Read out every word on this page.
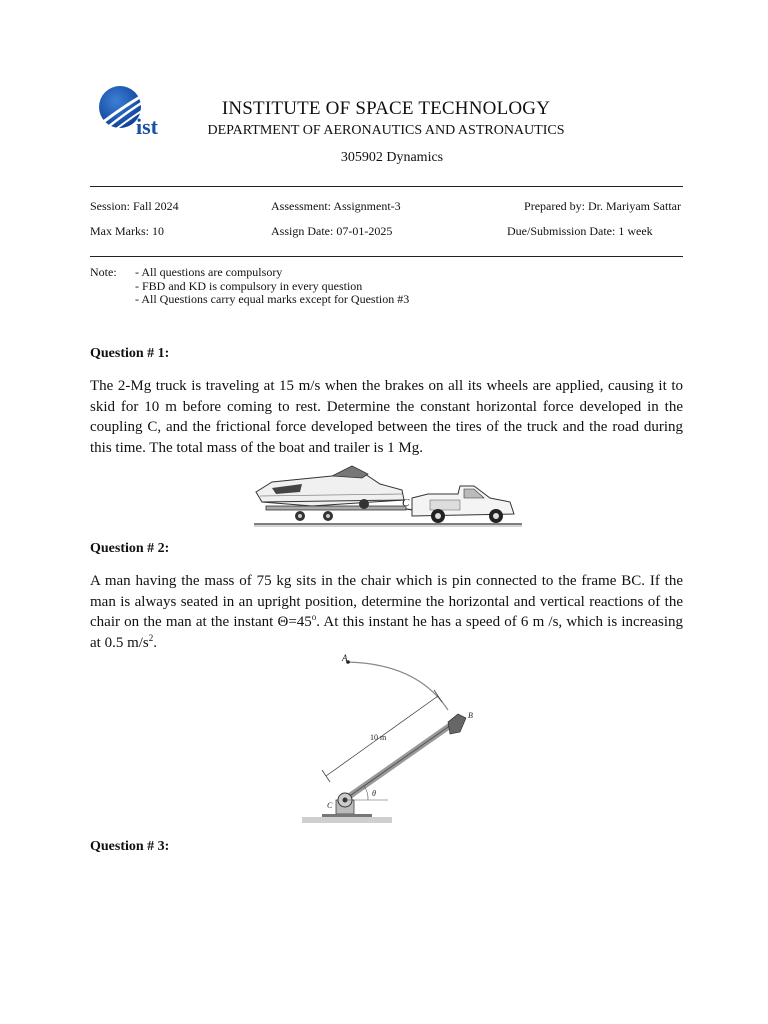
ist
INSTITUTE OF SPACE TECHNOLOGY
DEPARTMENT OF AERONAUTICS AND ASTRONAUTICS
305902 Dynamics
Session: Fall 2024	Assessment: Assignment-3	Prepared by: Dr. Mariyam Sattar
Max Marks: 10	Assign Date: 07-01-2025	Due/Submission Date: 1 week
Note: - All questions are compulsory
- FBD and KD is compulsory in every question
- All Questions carry equal marks except for Question #3
Question # 1:
The 2-Mg truck is traveling at 15 m/s when the brakes on all its wheels are applied, causing it to skid for 10 m before coming to rest. Determine the constant horizontal force developed in the coupling C, and the frictional force developed between the tires of the truck and the road during this time. The total mass of the boat and trailer is 1 Mg.
C
Question # 2:
A man having the mass of 75 kg sits in the chair which is pin connected to the frame BC. If the man is always seated in an upright position, determine the horizontal and vertical reactions of the chair on the man at the instant $\Theta=45^o$. At this instant he has a speed of 6 m /s, which is increasing at 0.5 $m/s^2$.
A
10 m
B
C
θ
Question # 3:
